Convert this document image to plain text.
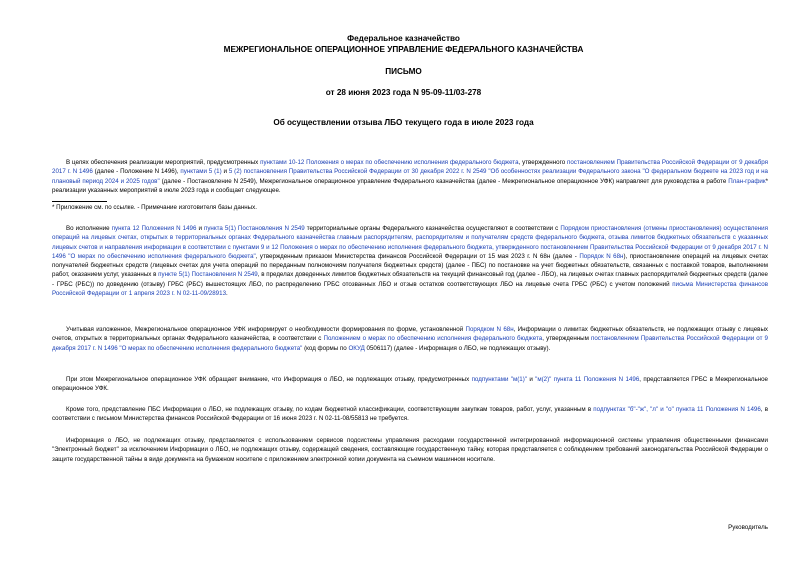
Федеральное казначейство
МЕЖРЕГИОНАЛЬНОЕ ОПЕРАЦИОННОЕ УПРАВЛЕНИЕ ФЕДЕРАЛЬНОГО КАЗНАЧЕЙСТВА
ПИСЬМО
от 28 июня 2023 года N 95-09-11/03-278
Об осуществлении отзыва ЛБО текущего года в июле 2023 года
В целях обеспечения реализации мероприятий, предусмотренных пунктами 10-12 Положения о мерах по обеспечению исполнения федерального бюджета, утвержденного постановлением Правительства Российской Федерации от 9 декабря 2017 г. N 1496 (далее - Положение N 1496), пунктами 5 (1) и 5 (2) постановления Правительства Российской Федерации от 30 декабря 2022 г. N 2549 "Об особенностях реализации Федерального закона "О федеральном бюджете на 2023 год и на плановый период 2024 и 2025 годов" (далее - Постановление N 2549), Межрегиональное операционное управление Федерального казначейства (далее - Межрегиональное операционное УФК) направляет для руководства в работе План-график* реализации указанных мероприятий в июле 2023 года и сообщает следующее.
* Приложение см. по ссылке. - Примечание изготовителя базы данных.
Во исполнение пункта 12 Положения N 1496 и пункта 5(1) Постановления N 2549 территориальные органы Федерального казначейства осуществляют в соответствии с Порядком приостановления (отмены приостановления) осуществления операций на лицевых счетах, открытых в территориальных органах Федерального казначейства главным распорядителям, распорядителям и получателям средств федерального бюджета, отзыва лимитов бюджетных обязательств с указанных лицевых счетов и направления информации в соответствии с пунктами 9 и 12 Положения о мерах по обеспечению исполнения федерального бюджета, утвержденного постановлением Правительства Российской Федерации от 9 декабря 2017 г. N 1496 "О мерах по обеспечению исполнения федерального бюджета", утвержденным приказом Министерства финансов Российской Федерации от 15 мая 2023 г. N 68н (далее - Порядок N 68н), приостановление операций на лицевых счетах получателей бюджетных средств (лицевых счетах для учета операций по переданным полномочиям получателя бюджетных средств) (далее - ПБС) по постановке на учет бюджетных обязательств, связанных с поставкой товаров, выполнением работ, оказанием услуг, указанных в пункте 5(1) Постановления N 2549, в пределах доведенных лимитов бюджетных обязательств на текущий финансовый год (далее - ЛБО), на лицевых счетах главных распорядителей бюджетных средств (далее - ГРБС (РБС)) по доведению (отзыву) ГРБС (РБС) вышестоящих ЛБО, по распределению ГРБС отозванных ЛБО и отзыв остатков соответствующих ЛБО на лицевые счета ГРБС (РБС) с учетом положений письма Министерства финансов Российской Федерации от 1 апреля 2023 г. N 02-11-09/28913.
Учитывая изложенное, Межрегиональное операционное УФК информирует о необходимости формирования по форме, установленной Порядком N 68н, Информации о лимитах бюджетных обязательств, не подлежащих отзыву с лицевых счетов, открытых в территориальных органах Федерального казначейства, в соответствии с Положением о мерах по обеспечению исполнения федерального бюджета, утвержденным постановлением Правительства Российской Федерации от 9 декабря 2017 г. N 1496 "О мерах по обеспечению исполнения федерального бюджета" (код формы по ОКУД 0506117) (далее - Информация о ЛБО, не подлежащих отзыву).
При этом Межрегиональное операционное УФК обращает внимание, что Информация о ЛБО, не подлежащих отзыву, предусмотренных подпунктами "м(1)" и "м(2)" пункта 11 Положения N 1496, представляется ГРБС в Межрегиональное операционное УФК.
Кроме того, представление ПБС Информации о ЛБО, не подлежащих отзыву, по кодам бюджетной классификации, соответствующим закупкам товаров, работ, услуг, указанным в подпунктах "б"-"ж", "л" и "о" пункта 11 Положения N 1496, в соответствии с письмом Министерства финансов Российской Федерации от 16 июня 2023 г. N 02-11-08/55813 не требуется.
Информация о ЛБО, не подлежащих отзыву, представляется с использованием сервисов подсистемы управления расходами государственной интегрированной информационной системы управления общественными финансами "Электронный бюджет" за исключением Информации о ЛБО, не подлежащих отзыву, содержащей сведения, составляющие государственную тайну, которая представляется с соблюдением требований законодательства Российской Федерации о защите государственной тайны в виде документа на бумажном носителе с приложением электронной копии документа на съемном машинном носителе.
Руководитель
